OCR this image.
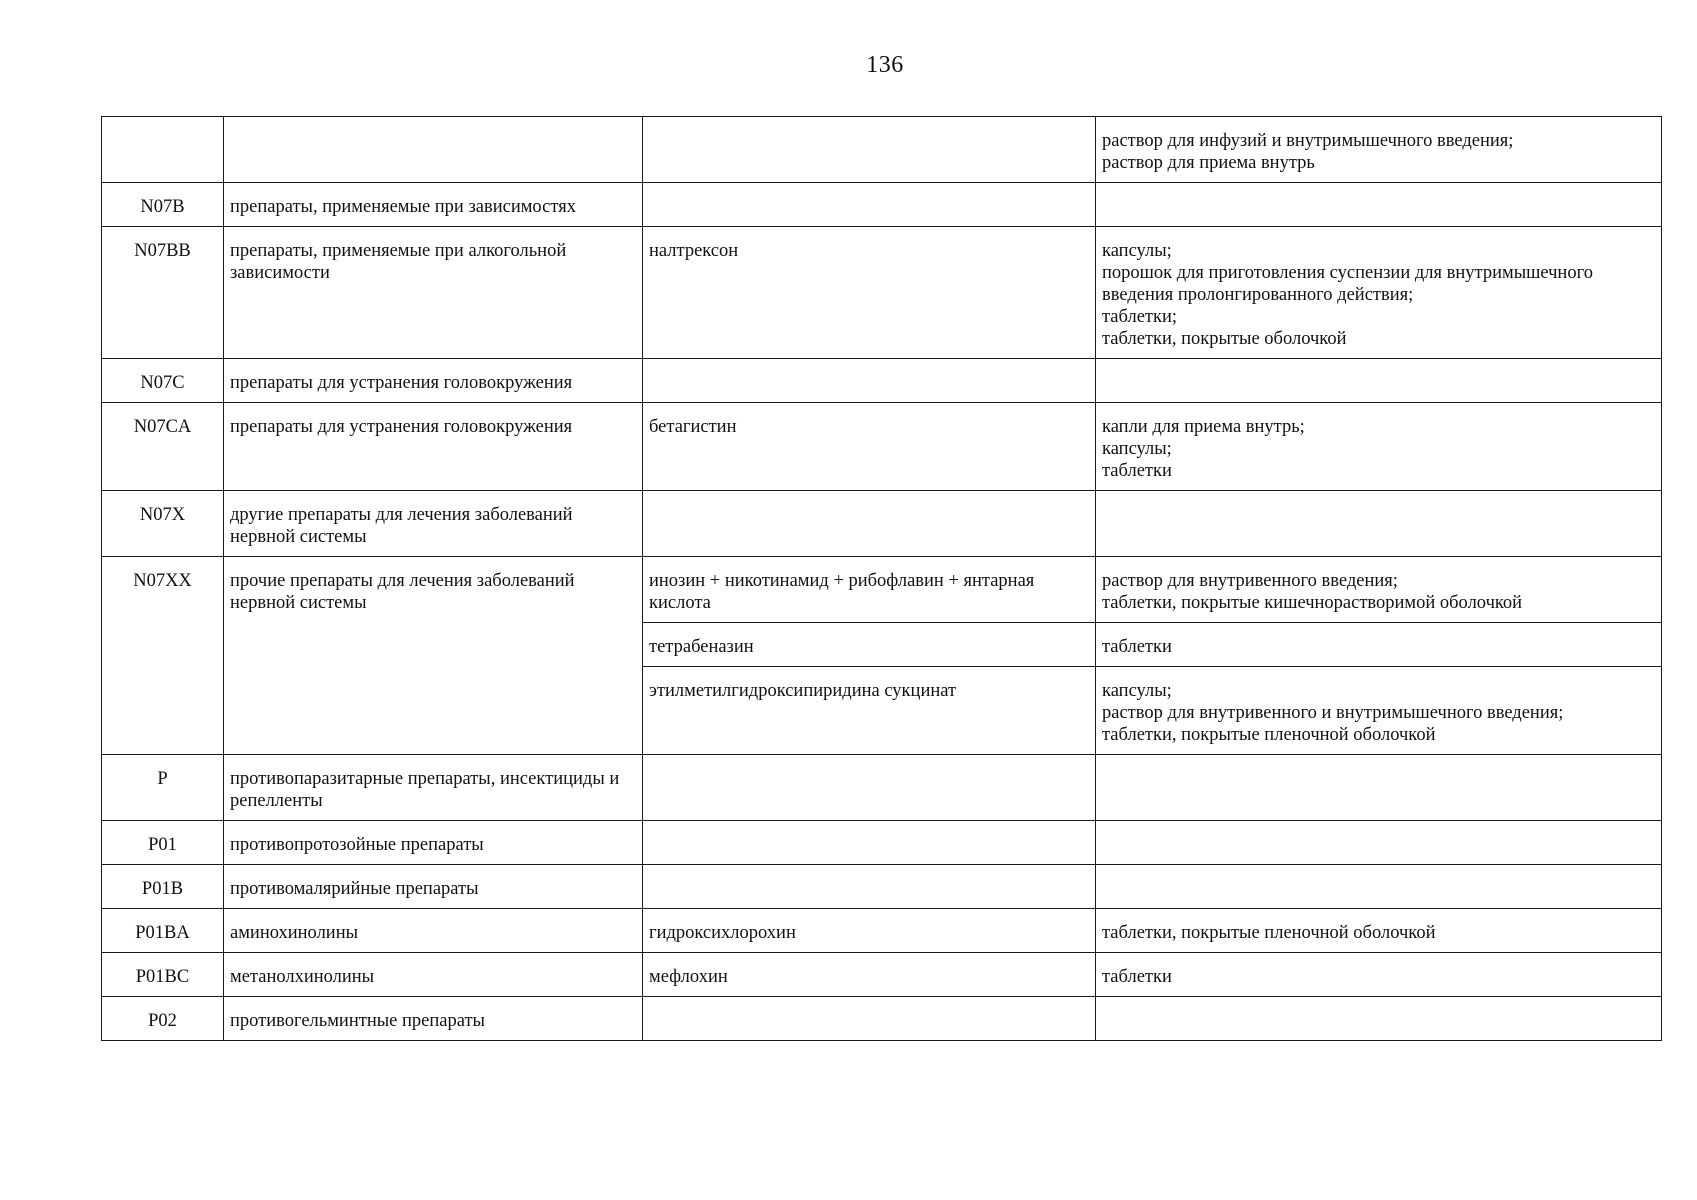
136

			раствор для инфузий и внутримышечного введения;
раствор для приема внутрь

N07B	препараты, применяемые при зависимостях		
N07BB	препараты, применяемые при алкогольной зависимости	налтрексон	капсулы;
порошок для приготовления суспензии для внутримышечного введения пролонгированного действия;
таблетки;
таблетки, покрытые оболочкой

N07C	препараты для устранения головокружения		
N07CA	препараты для устранения головокружения	бетагистин	капли для приема внутрь;
капсулы;
таблетки

N07X	другие препараты для лечения заболеваний нервной системы		
N07XX	прочие препараты для лечения заболеваний нервной системы	инозин + никотинамид + рибофлавин + янтарная кислота	раствор для внутривенного введения;
таблетки, покрытые кишечнорастворимой оболочкой

		тетрабеназин	таблетки

		этилметилгидроксипиридина сукцинат	капсулы;
раствор для внутривенного и внутримышечного введения;
таблетки, покрытые пленочной оболочкой

P	противопаразитарные препараты, инсектициды и репелленты		
P01	противопротозойные препараты		
P01B	противомалярийные препараты		
P01BA	аминохинолины	гидроксихлорохин	таблетки, покрытые пленочной оболочкой

P01BC	метанолхинолины	мефлохин	таблетки

P02	противогельминтные препараты		
